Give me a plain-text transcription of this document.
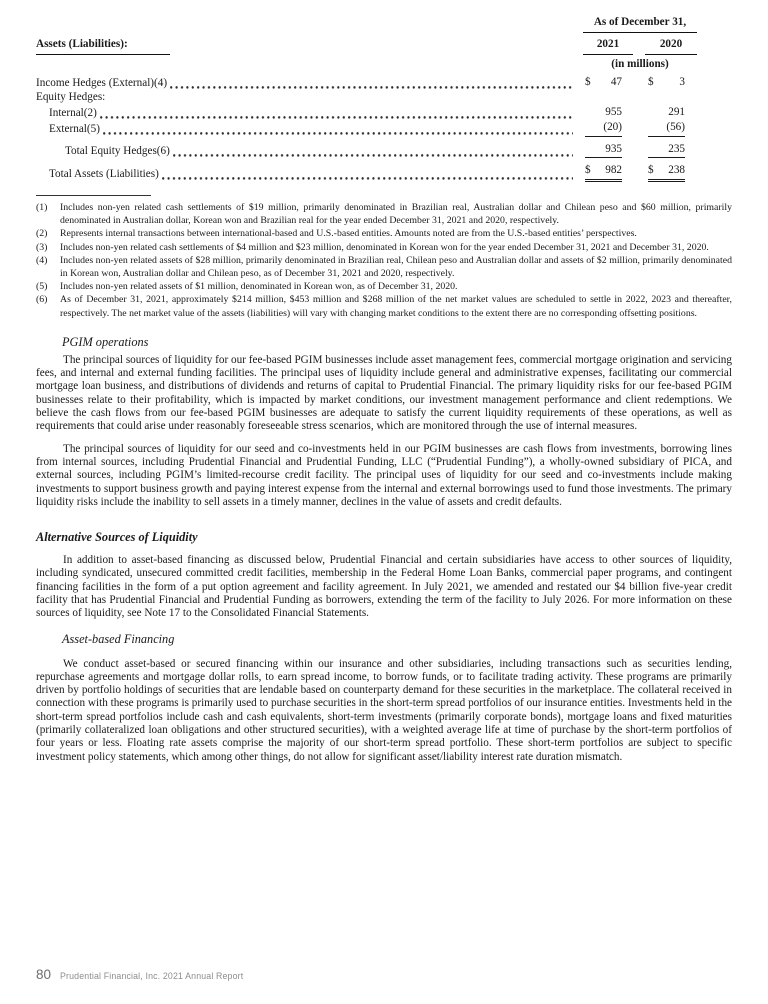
As of December 31,
Assets (Liabilities):	2021	2020
(in millions)
Income Hedges (External)(4)	$ 47 $ 3
Equity Hedges:
Internal(2)	955	291
External(5)	(20)	(56)
Total Equity Hedges(6)	935	235
Total Assets (Liabilities)	$ 982 $ 238
(1)	Includes non-yen related cash settlements of $19 million, primarily denominated in Brazilian real, Australian dollar and Chilean peso and $60 million, primarily denominated in Australian dollar, Korean won and Brazilian real for the year ended December 31, 2021 and 2020, respectively.
(2)	Represents internal transactions between international-based and U.S.-based entities. Amounts noted are from the U.S.-based entities’ perspectives.
(3)	Includes non-yen related cash settlements of $4 million and $23 million, denominated in Korean won for the year ended December 31, 2021 and December 31, 2020.
(4)	Includes non-yen related assets of $28 million, primarily denominated in Brazilian real, Chilean peso and Australian dollar and assets of $2 million, primarily denominated in Korean won, Australian dollar and Chilean peso, as of December 31, 2021 and 2020, respectively.
(5)	Includes non-yen related assets of $1 million, denominated in Korean won, as of December 31, 2020.
(6)	As of December 31, 2021, approximately $214 million, $453 million and $268 million of the net market values are scheduled to settle in 2022, 2023 and thereafter, respectively. The net market value of the assets (liabilities) will vary with changing market conditions to the extent there are no corresponding offsetting positions.
PGIM operations

The principal sources of liquidity for our fee-based PGIM businesses include asset management fees, commercial mortgage origination and servicing fees, and internal and external funding facilities. The principal uses of liquidity include general and administrative expenses, facilitating our commercial mortgage loan business, and distributions of dividends and returns of capital to Prudential Financial. The primary liquidity risks for our fee-based PGIM businesses relate to their profitability, which is impacted by market conditions, our investment management performance and client redemptions. We believe the cash flows from our fee-based PGIM businesses are adequate to satisfy the current liquidity requirements of these operations, as well as requirements that could arise under reasonably foreseeable stress scenarios, which are monitored through the use of internal measures.

The principal sources of liquidity for our seed and co-investments held in our PGIM businesses are cash flows from investments, borrowing lines from internal sources, including Prudential Financial and Prudential Funding, LLC (“Prudential Funding”), a wholly-owned subsidiary of PICA, and external sources, including PGIM’s limited-recourse credit facility. The principal uses of liquidity for our seed and co-investments include making investments to support business growth and paying interest expense from the internal and external borrowings used to fund those investments. The primary liquidity risks include the inability to sell assets in a timely manner, declines in the value of assets and credit defaults.

Alternative Sources of Liquidity

In addition to asset-based financing as discussed below, Prudential Financial and certain subsidiaries have access to other sources of liquidity, including syndicated, unsecured committed credit facilities, membership in the Federal Home Loan Banks, commercial paper programs, and contingent financing facilities in the form of a put option agreement and facility agreement. In July 2021, we amended and restated our $4 billion five-year credit facility that has Prudential Financial and Prudential Funding as borrowers, extending the term of the facility to July 2026. For more information on these sources of liquidity, see Note 17 to the Consolidated Financial Statements.

Asset-based Financing

We conduct asset-based or secured financing within our insurance and other subsidiaries, including transactions such as securities lending, repurchase agreements and mortgage dollar rolls, to earn spread income, to borrow funds, or to facilitate trading activity. These programs are primarily driven by portfolio holdings of securities that are lendable based on counterparty demand for these securities in the marketplace. The collateral received in connection with these programs is primarily used to purchase securities in the short-term spread portfolios of our insurance entities. Investments held in the short-term spread portfolios include cash and cash equivalents, short-term investments (primarily corporate bonds), mortgage loans and fixed maturities (primarily collateralized loan obligations and other structured securities), with a weighted average life at time of purchase by the short-term portfolios of four years or less. Floating rate assets comprise the majority of our short-term spread portfolio. These short-term portfolios are subject to specific investment policy statements, which among other things, do not allow for significant asset/liability interest rate duration mismatch.

80 Prudential Financial, Inc. 2021 Annual Report
